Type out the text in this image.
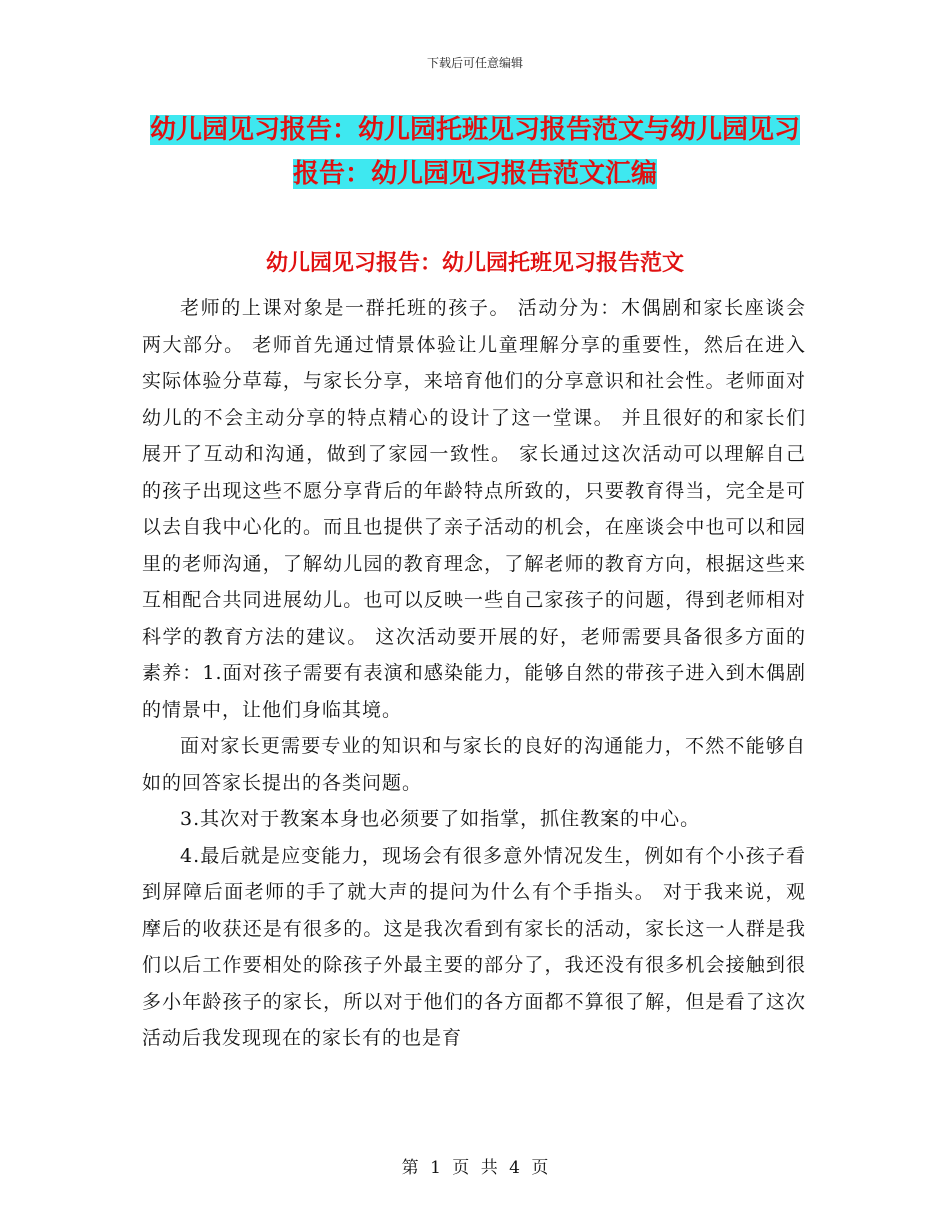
下载后可任意编辑
幼儿园见习报告：幼儿园托班见习报告范文与幼儿园见习报告：幼儿园见习报告范文汇编
幼儿园见习报告：幼儿园托班见习报告范文

老师的上课对象是一群托班的孩子。 活动分为：木偶剧和家长座谈会两大部分。 老师首先通过情景体验让儿童理解分享的重要性，然后在进入实际体验分草莓，与家长分享，来培育他们的分享意识和社会性。老师面对幼儿的不会主动分享的特点精心的设计了这一堂课。 并且很好的和家长们展开了互动和沟通，做到了家园一致性。 家长通过这次活动可以理解自己的孩子出现这些不愿分享背后的年龄特点所致的，只要教育得当，完全是可以去自我中心化的。而且也提供了亲子活动的机会，在座谈会中也可以和园里的老师沟通，了解幼儿园的教育理念，了解老师的教育方向，根据这些来互相配合共同进展幼儿。也可以反映一些自己家孩子的问题，得到老师相对科学的教育方法的建议。 这次活动要开展的好，老师需要具备很多方面的素养：1.面对孩子需要有表演和感染能力，能够自然的带孩子进入到木偶剧的情景中，让他们身临其境。

面对家长更需要专业的知识和与家长的良好的沟通能力，不然不能够自如的回答家长提出的各类问题。

3.其次对于教案本身也必须要了如指掌，抓住教案的中心。

4.最后就是应变能力，现场会有很多意外情况发生，例如有个小孩子看到屏障后面老师的手了就大声的提问为什么有个手指头。 对于我来说，观摩后的收获还是有很多的。这是我次看到有家长的活动，家长这一人群是我们以后工作要相处的除孩子外最主要的部分了，我还没有很多机会接触到很多小年龄孩子的家长，所以对于他们的各方面都不算很了解，但是看了这次活动后我发现现在的家长有的也是育

第 1 页 共 4 页
